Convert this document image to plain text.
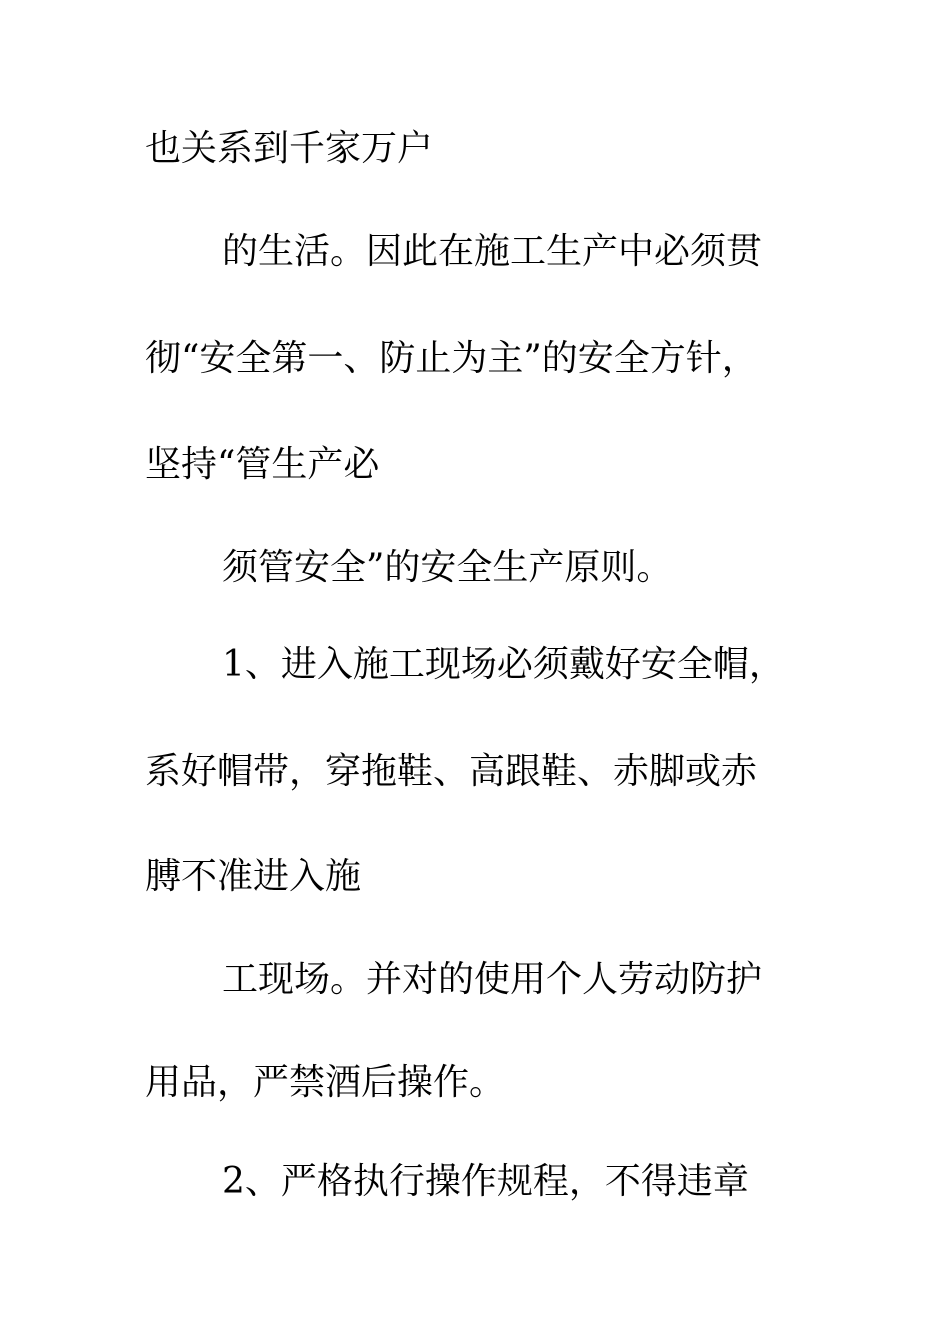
也关系到千家万户
的生活。因此在施工生产中必须贯
彻“安全第一、防止为主”的安全方针，
坚持“管生产必
须管安全”的安全生产原则。
1、进入施工现场必须戴好安全帽，
系好帽带，穿拖鞋、高跟鞋、赤脚或赤
膊不准进入施
工现场。并对的使用个人劳动防护
用品，严禁酒后操作。
2、严格执行操作规程，不得违章
